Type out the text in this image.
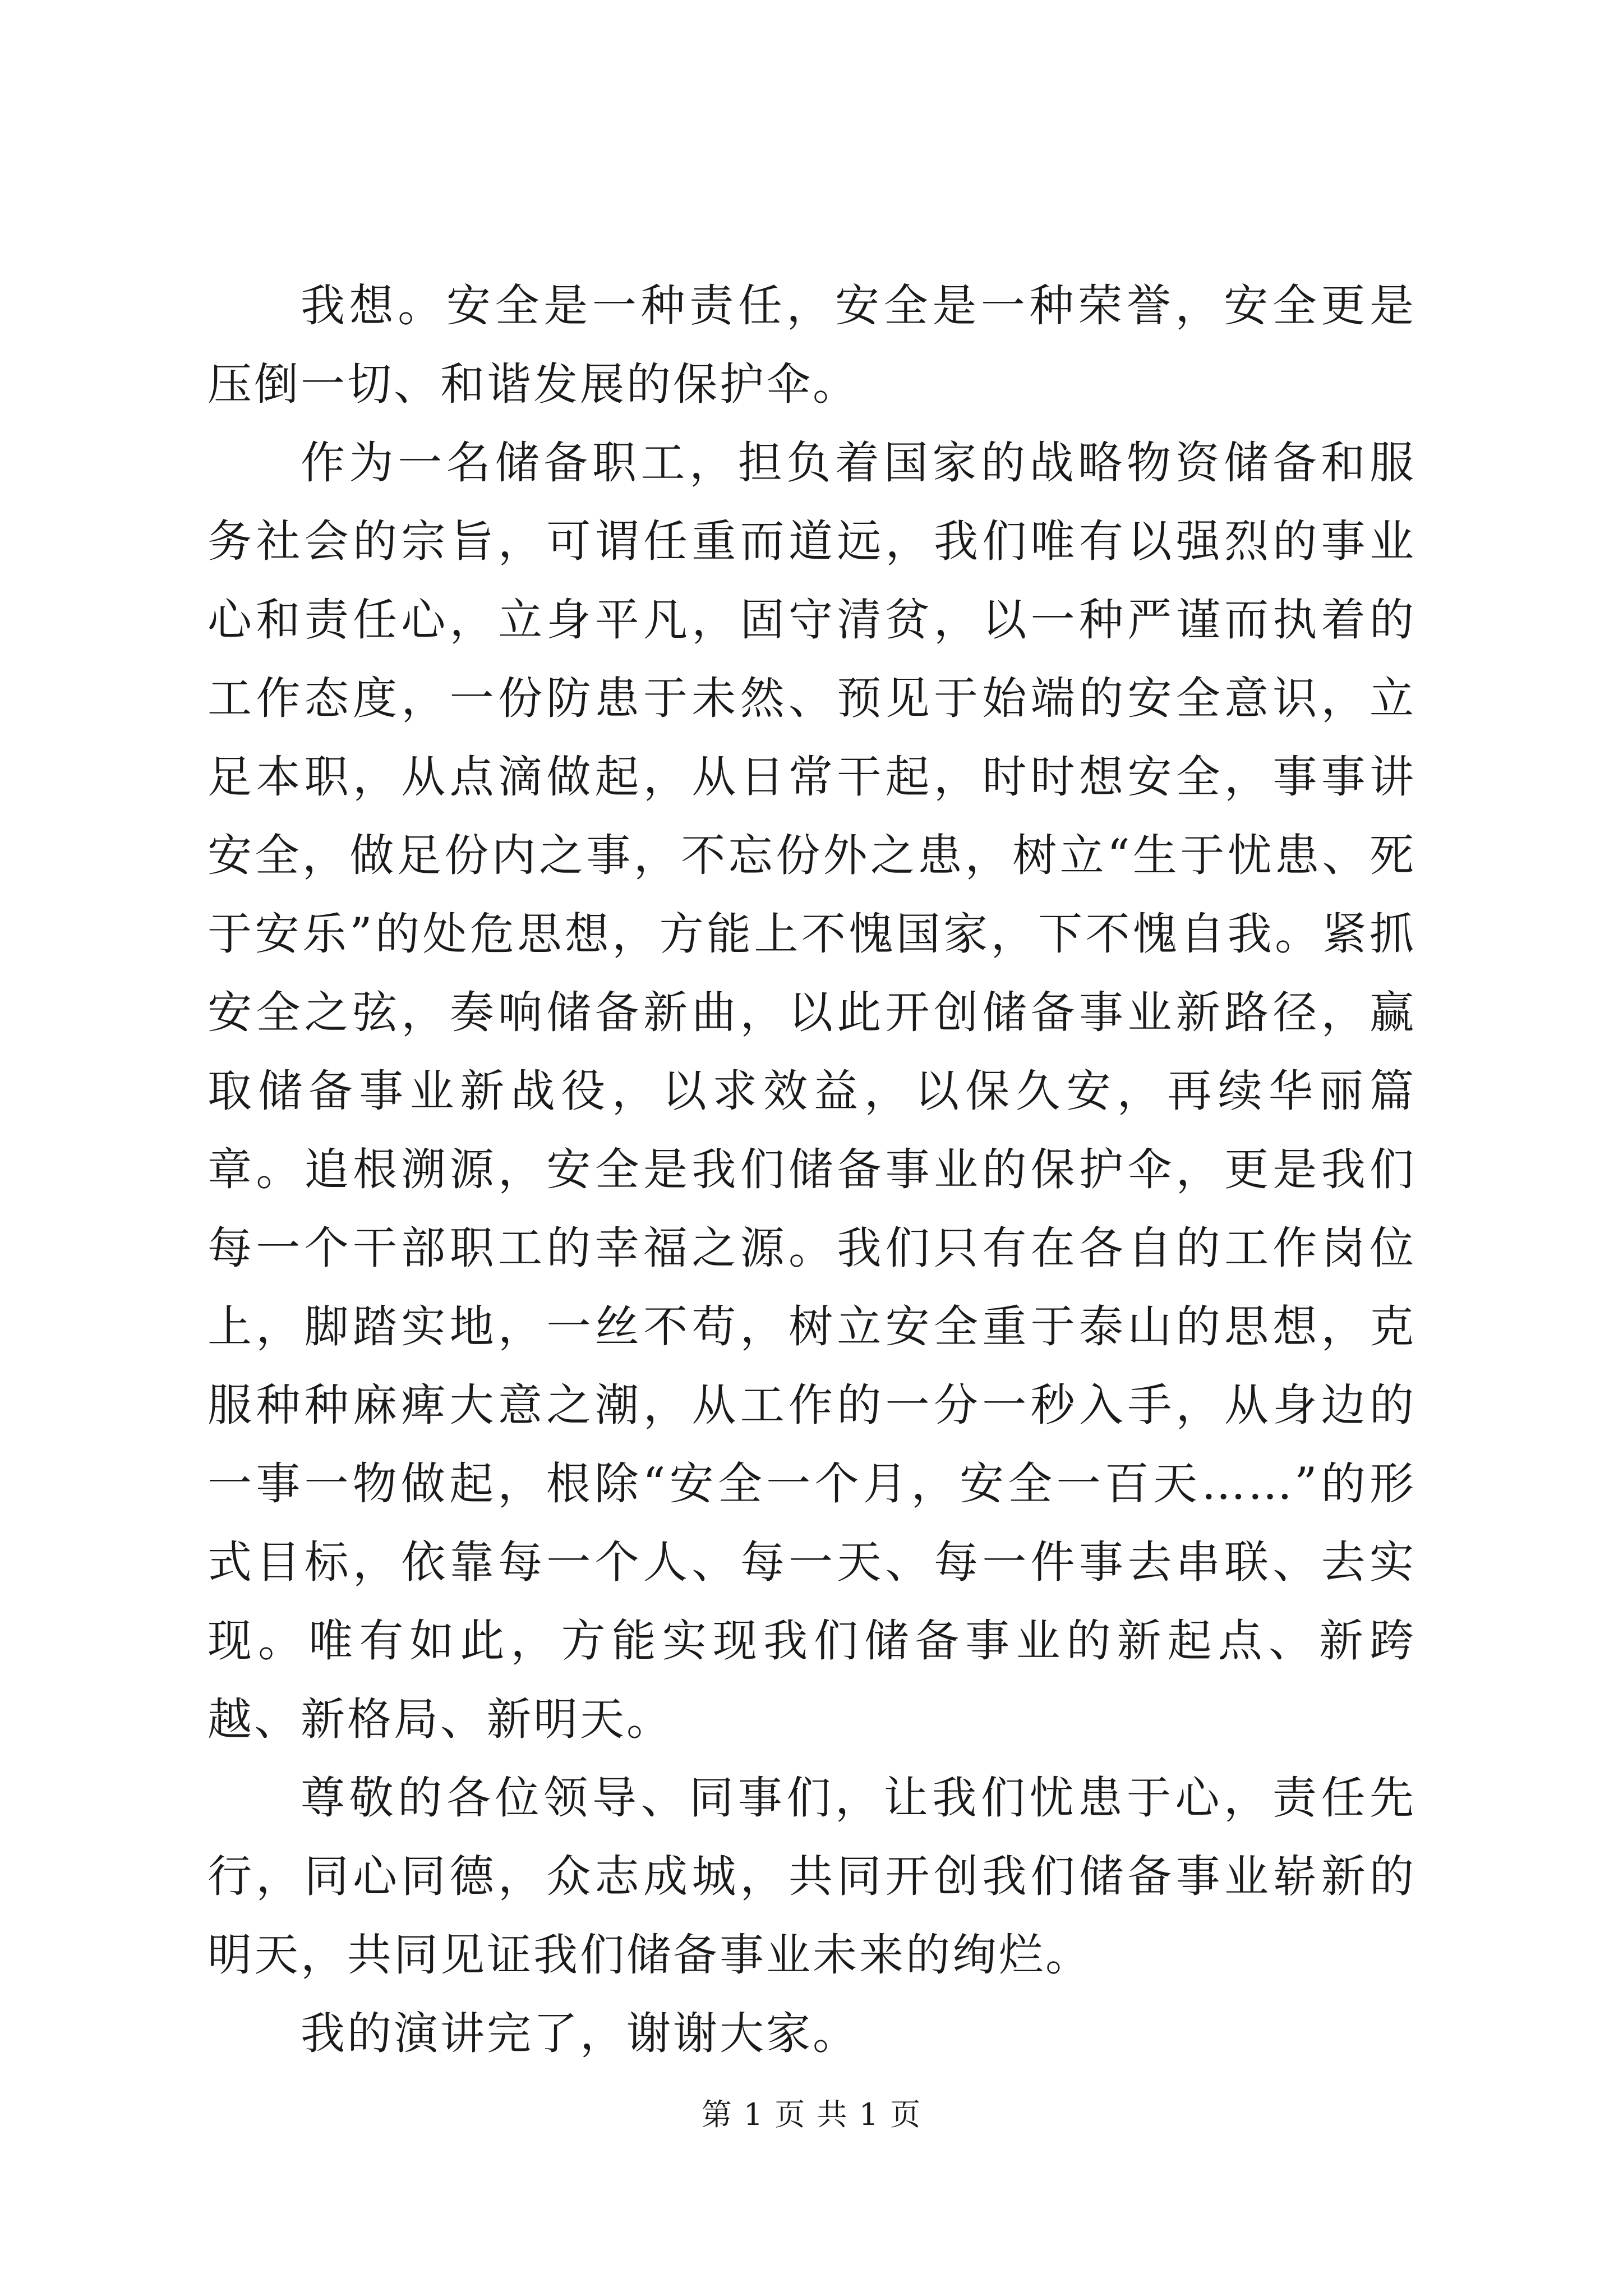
我想。安全是一种责任，安全是一种荣誉，安全更是压倒一切、和谐发展的保护伞。

作为一名储备职工，担负着国家的战略物资储备和服务社会的宗旨，可谓任重而道远，我们唯有以强烈的事业心和责任心，立身平凡，固守清贫，以一种严谨而执着的工作态度，一份防患于未然、预见于始端的安全意识，立足本职，从点滴做起，从日常干起，时时想安全，事事讲安全，做足份内之事，不忘份外之患，树立“生于忧患、死于安乐”的处危思想，方能上不愧国家，下不愧自我。紧抓安全之弦，奏响储备新曲，以此开创储备事业新路径，赢取储备事业新战役，以求效益，以保久安，再续华丽篇章。追根溯源，安全是我们储备事业的保护伞，更是我们每一个干部职工的幸福之源。我们只有在各自的工作岗位上，脚踏实地，一丝不苟，树立安全重于泰山的思想，克服种种麻痺大意之潮，从工作的一分一秒入手，从身边的一事一物做起，根除“安全一个月，安全一百天……”的形式目标，依靠每一个人、每一天、每一件事去串联、去实现。唯有如此，方能实现我们储备事业的新起点、新跨越、新格局、新明天。

尊敬的各位领导、同事们，让我们忧患于心，责任先行，同心同德，众志成城，共同开创我们储备事业崭新的明天，共同见证我们储备事业未来的绚烂。

我的演讲完了，谢谢大家。

第 1 页 共 1 页
